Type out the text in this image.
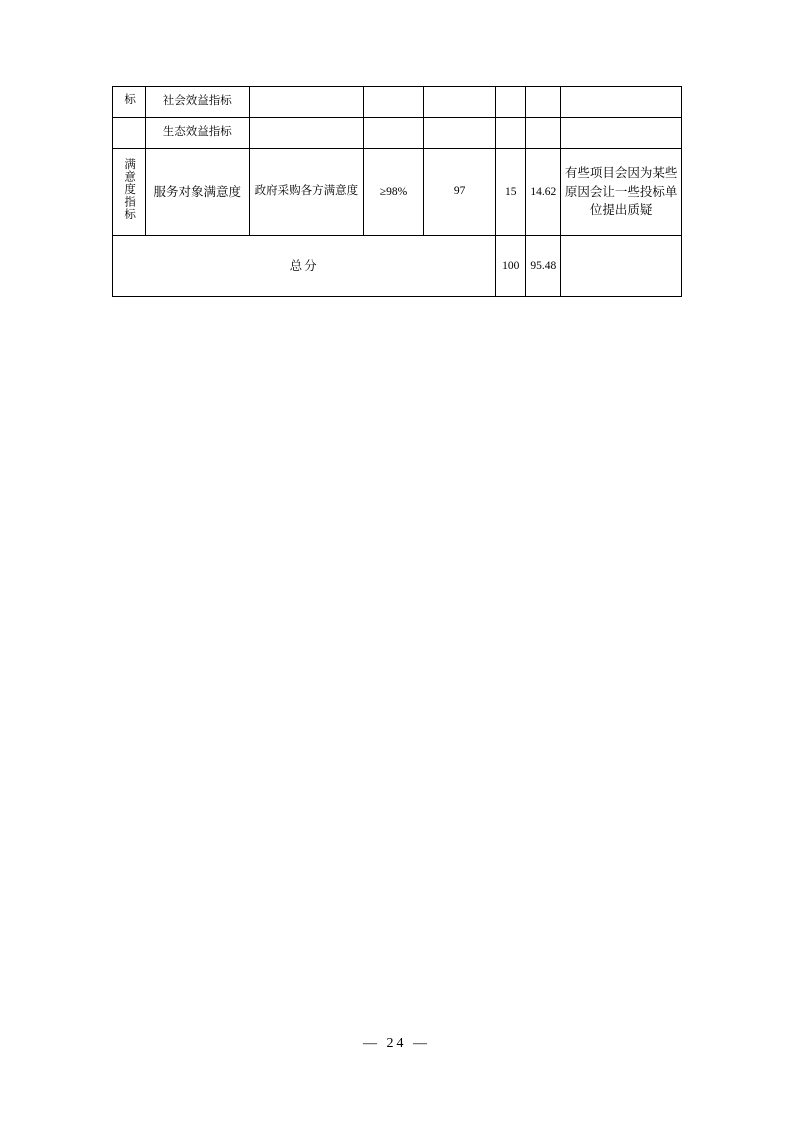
标	社会效益指标						
	生态效益指标						
满意度指标	服务对象满意度	政府采购各方满意度	≥98%	97	15	14.62	有些项目会因为某些原因会让一些投标单位提出质疑
总分					100	95.48	
— 24 —
